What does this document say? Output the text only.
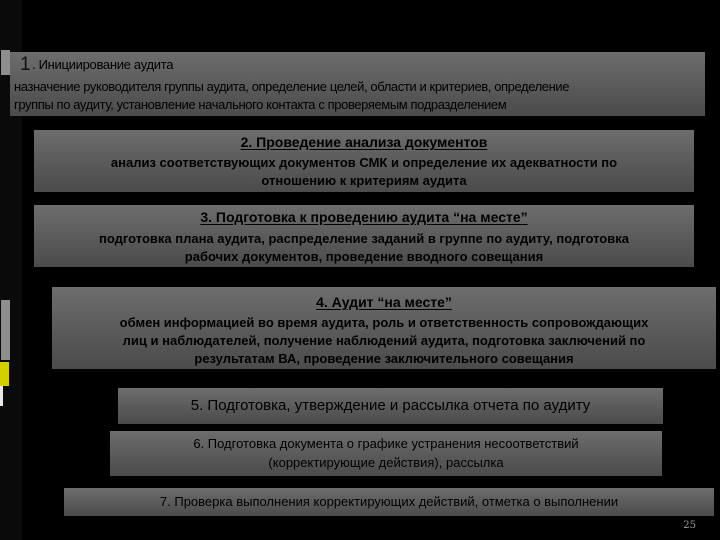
1 . Инициирование аудита
назначение руководителя группы аудита, определение целей, области и критериев, определение
группы по аудиту, установление начального контакта с проверяемым подразделением
2. Проведение анализа документов
анализ соответствующих документов СМК и определение их адекватности по
отношению к критериям аудита
3. Подготовка к проведению аудита “на месте”
подготовка плана аудита, распределение заданий в группе по аудиту, подготовка
рабочих документов, проведение вводного совещания
4. Аудит “на месте”
обмен информацией во время аудита, роль и ответственность сопровождающих
лиц и наблюдателей, получение наблюдений аудита, подготовка заключений по
результатам ВА, проведение заключительного совещания
5. Подготовка, утверждение и рассылка отчета по аудиту
6. Подготовка документа о графике устранения несоответствий
(корректирующие действия), рассылка
7. Проверка выполнения корректирующих действий, отметка о выполнении
25
